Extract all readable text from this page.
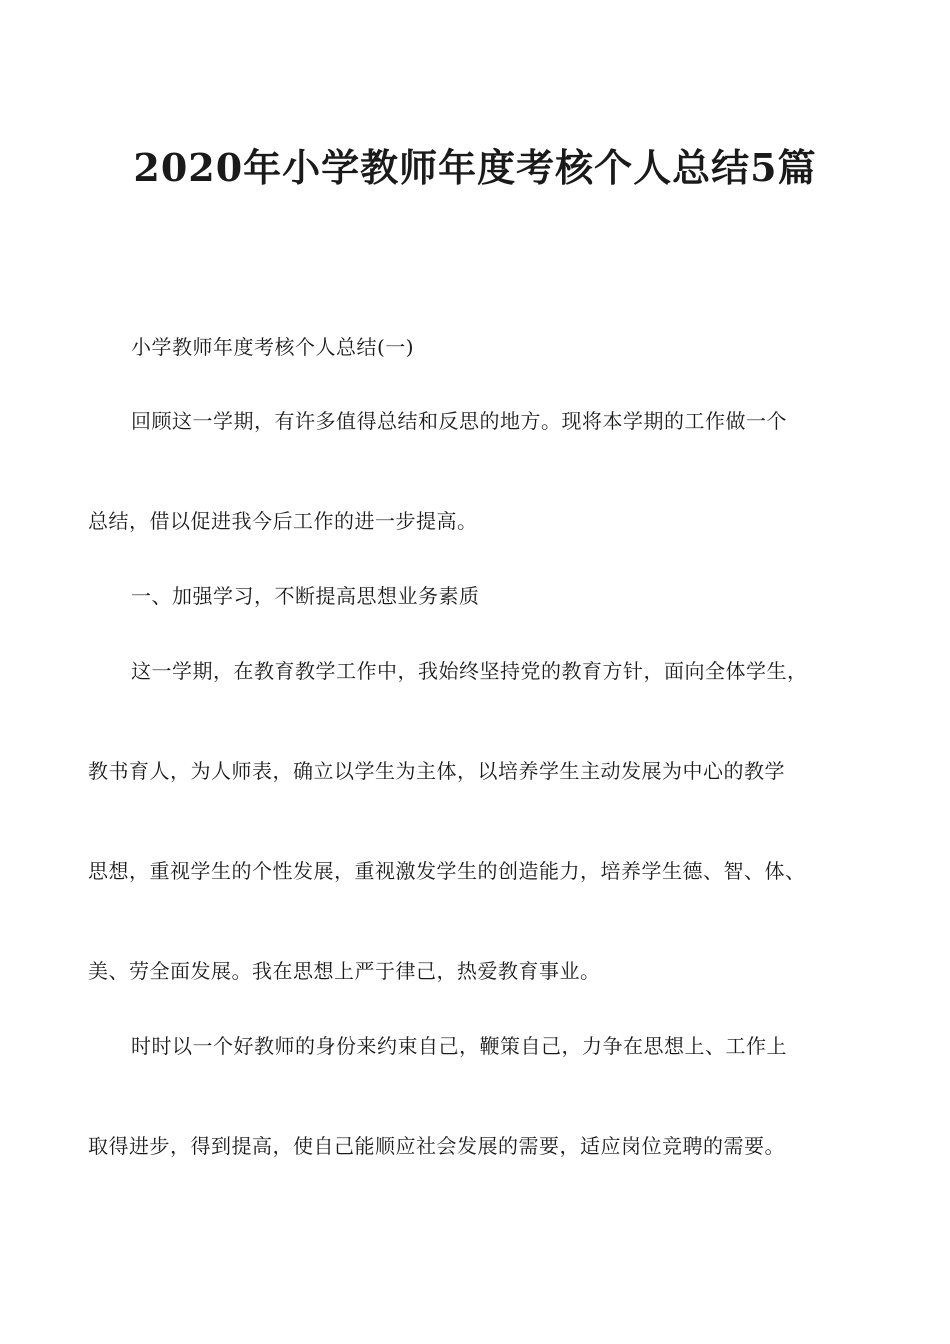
2020年小学教师年度考核个人总结5篇
小学教师年度考核个人总结(一)
回顾这一学期，有许多值得总结和反思的地方。现将本学期的工作做一个
总结，借以促进我今后工作的进一步提高。
一、加强学习，不断提高思想业务素质
这一学期，在教育教学工作中，我始终坚持党的教育方针，面向全体学生，
教书育人，为人师表，确立以学生为主体，以培养学生主动发展为中心的教学
思想，重视学生的个性发展，重视激发学生的创造能力，培养学生德、智、体、
美、劳全面发展。我在思想上严于律己，热爱教育事业。
时时以一个好教师的身份来约束自己，鞭策自己，力争在思想上、工作上
取得进步，得到提高，使自己能顺应社会发展的需要，适应岗位竞聘的需要。
